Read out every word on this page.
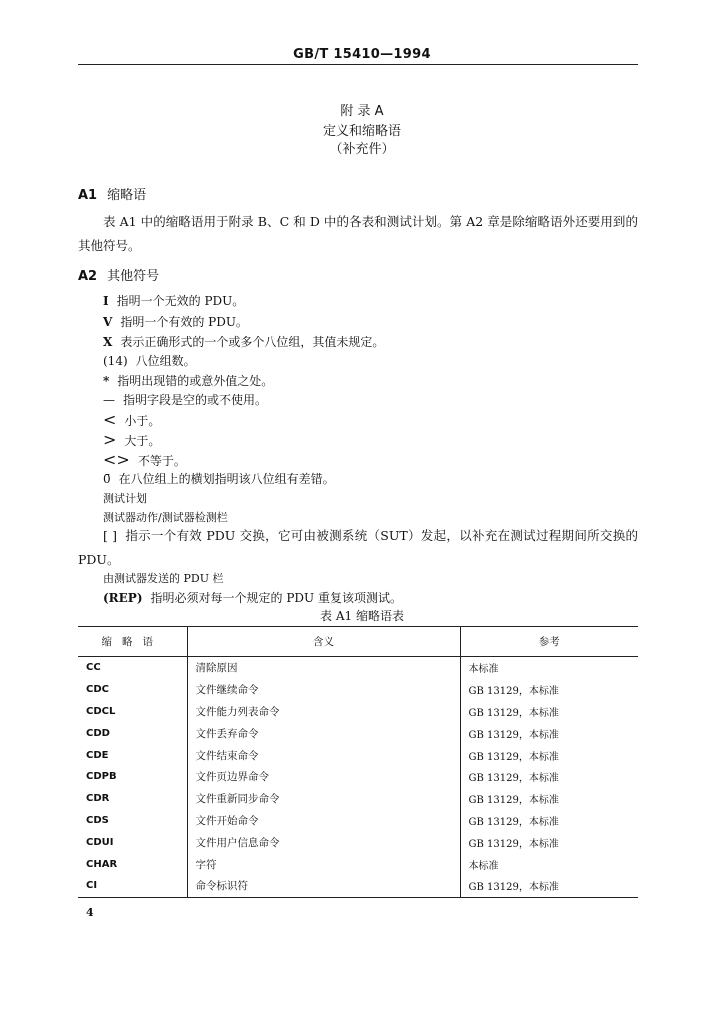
GB/T 15410—1994
附 录 A
定义和缩略语
（补充件）
A1 缩略语
表 A1 中的缩略语用于附录 B、C 和 D 中的各表和测试计划。第 A2 章是除缩略语外还要用到的其他符号。
A2 其他符号
I 指明一个无效的 PDU。
V 指明一个有效的 PDU。
X 表示正确形式的一个或多个八位组，其值未规定。
(14) 八位组数。
* 指明出现错的或意外值之处。
— 指明字段是空的或不使用。
< 小于。
> 大于。
<> 不等于。
0̄ 在八位组上的横划指明该八位组有差错。
测试计划
测试器动作/测试器检测栏
[ ] 指示一个有效 PDU 交换，它可由被测系统（SUT）发起，以补充在测试过程期间所交换的 PDU。
由测试器发送的 PDU 栏
(REP) 指明必须对每一个规定的 PDU 重复该项测试。
表 A1 缩略语表
缩略语	含义	参考
CC	清除原因	本标准
CDC	文件继续命令	GB 13129，本标准
CDCL	文件能力列表命令	GB 13129，本标准
CDD	文件丢弃命令	GB 13129，本标准
CDE	文件结束命令	GB 13129，本标准
CDPB	文件页边界命令	GB 13129，本标准
CDR	文件重新同步命令	GB 13129，本标准
CDS	文件开始命令	GB 13129，本标准
CDUI	文件用户信息命令	GB 13129，本标准
CHAR	字符	本标准
CI	命令标识符	GB 13129，本标准
4
